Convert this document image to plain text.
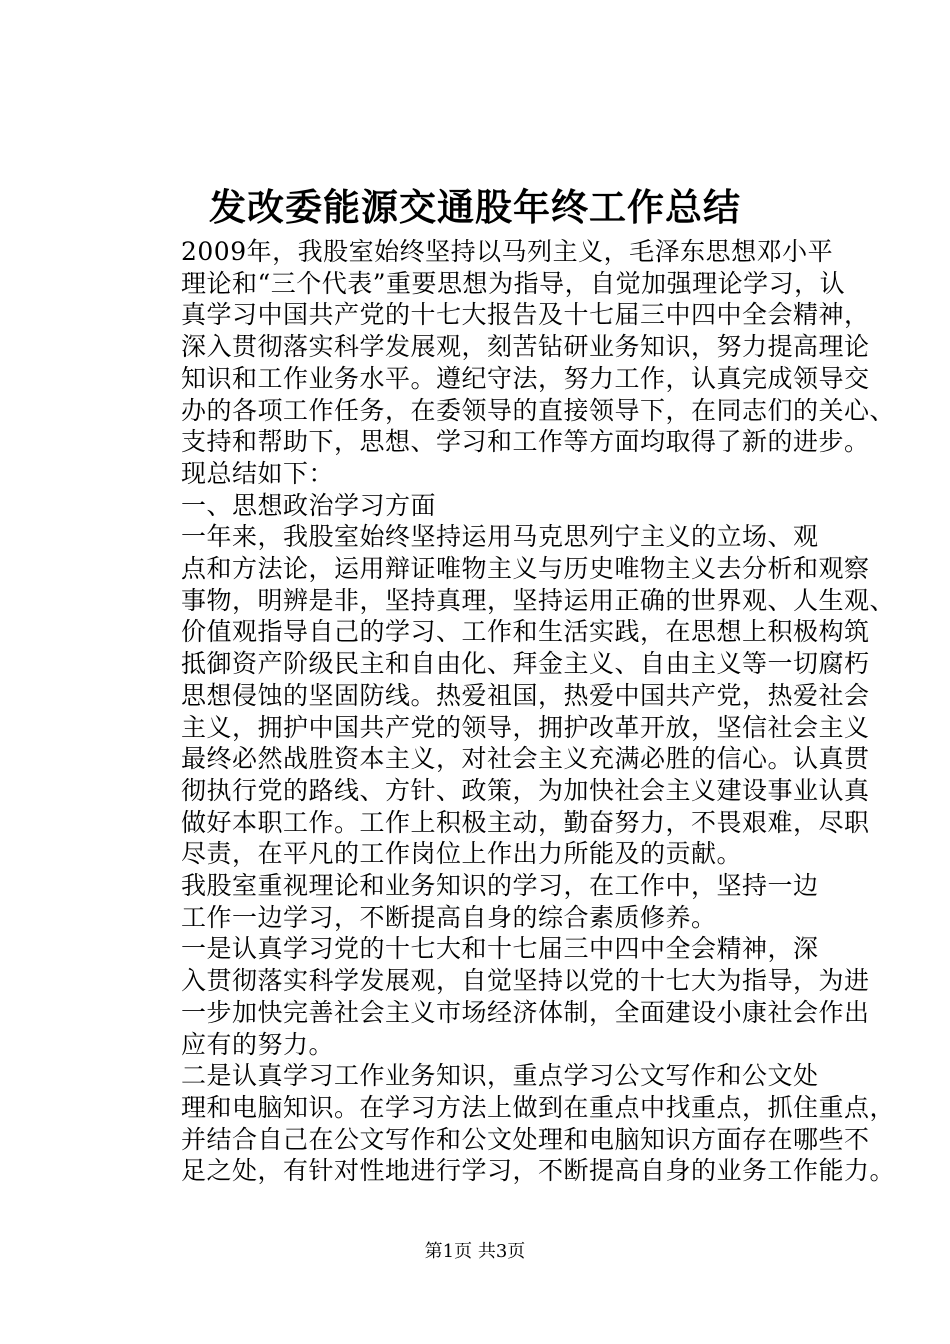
发改委能源交通股年终工作总结

2009年，我股室始终坚持以马列主义，毛泽东思想邓小平
理论和“三个代表”重要思想为指导，自觉加强理论学习，认
真学习中国共产党的十七大报告及十七届三中四中全会精神，
深入贯彻落实科学发展观，刻苦钻研业务知识，努力提高理论
知识和工作业务水平。遵纪守法，努力工作，认真完成领导交
办的各项工作任务，在委领导的直接领导下，在同志们的关心、
支持和帮助下，思想、学习和工作等方面均取得了新的进步。
现总结如下：

一、思想政治学习方面

一年来，我股室始终坚持运用马克思列宁主义的立场、观
点和方法论，运用辩证唯物主义与历史唯物主义去分析和观察
事物，明辨是非，坚持真理，坚持运用正确的世界观、人生观、
价值观指导自己的学习、工作和生活实践，在思想上积极构筑
抵御资产阶级民主和自由化、拜金主义、自由主义等一切腐朽
思想侵蚀的坚固防线。热爱祖国，热爱中国共产党，热爱社会
主义，拥护中国共产党的领导，拥护改革开放，坚信社会主义
最终必然战胜资本主义，对社会主义充满必胜的信心。认真贯
彻执行党的路线、方针、政策，为加快社会主义建设事业认真
做好本职工作。工作上积极主动，勤奋努力，不畏艰难，尽职
尽责，在平凡的工作岗位上作出力所能及的贡献。

我股室重视理论和业务知识的学习，在工作中，坚持一边
工作一边学习，不断提高自身的综合素质修养。

一是认真学习党的十七大和十七届三中四中全会精神，深
入贯彻落实科学发展观，自觉坚持以党的十七大为指导，为进
一步加快完善社会主义市场经济体制，全面建设小康社会作出
应有的努力。

二是认真学习工作业务知识，重点学习公文写作和公文处
理和电脑知识。在学习方法上做到在重点中找重点，抓住重点，
并结合自己在公文写作和公文处理和电脑知识方面存在哪些不
足之处，有针对性地进行学习，不断提高自身的业务工作能力。

第1页 共3页
